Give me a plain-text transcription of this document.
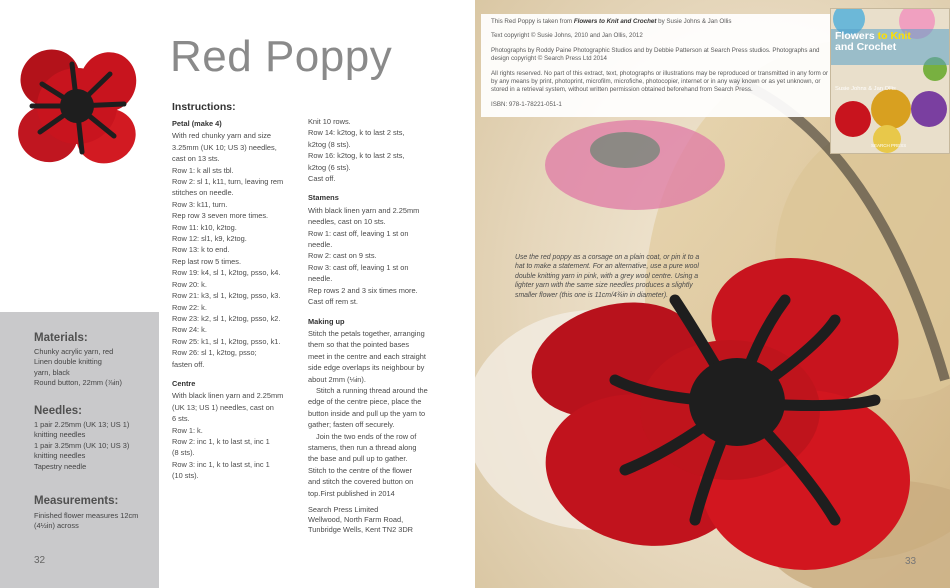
Red Poppy
Instructions:

Petal (make 4)

With red chunky yarn and size
3.25mm (UK 10; US 3) needles,
cast on 13 sts.
Row 1: k all sts tbl.
Row 2: sl 1, k11, turn, leaving rem
stitches on needle.
Row 3: k11, turn.
Rep row 3 seven more times.
Row 11: k10, k2tog.
Row 12: sl1, k9, k2tog.
Row 13: k to end.
Rep last row 5 times.
Row 19: k4, sl 1, k2tog, psso, k4.
Row 20: k.
Row 21: k3, sl 1, k2tog, psso, k3.
Row 22: k.
Row 23: k2, sl 1, k2tog, psso, k2.
Row 24: k.
Row 25: k1, sl 1, k2tog, psso, k1.
Row 26: sl 1, k2tog, psso;
fasten off.

Centre

With black linen yarn and 2.25mm
(UK 13; US 1) needles, cast on
6 sts.
Row 1: k.
Row 2: inc 1, k to last st, inc 1
(8 sts).
Row 3: inc 1, k to last st, inc 1
(10 sts).
Knit 10 rows.
Row 14: k2tog, k to last 2 sts,
k2tog (8 sts).
Row 16: k2tog, k to last 2 sts,
k2tog (6 sts).
Cast off.

Stamens

With black linen yarn and 2.25mm
needles, cast on 10 sts.
Row 1: cast off, leaving 1 st on
needle.
Row 2: cast on 9 sts.
Row 3: cast off, leaving 1 st on
needle.
Rep rows 2 and 3 six times more.
Cast off rem st.

Making up

Stitch the petals together, arranging
them so that the pointed bases
meet in the centre and each straight
side edge overlaps its neighbour by
about 2mm (⅛in).
Stitch a running thread around the
edge of the centre piece, place the
button inside and pull up the yarn to
gather; fasten off securely.
Join the two ends of the row of
stamens, then run a thread along
the base and pull up to gather.
Stitch to the centre of the flower
and stitch the covered button on
top.First published in 2014
Search Press Limited
Wellwood, North Farm Road,
Tunbridge Wells, Kent TN2 3DR
Materials:
Chunky acrylic yarn, red
Linen double knitting
yarn, black
Round button, 22mm (⅞in)
Needles:
1 pair 2.25mm (UK 13; US 1)
knitting needles
1 pair 3.25mm (UK 10; US 3)
knitting needles
Tapestry needle
Measurements:
Finished flower measures 12cm
(4½in) across
32

This Red Poppy is taken from Flowers to Knit and Crochet by Susie Johns & Jan Ollis

Text copyright © Susie Johns, 2010 and Jan Ollis, 2012

Photographs by Roddy Paine Photographic Studios and by Debbie Patterson at Search Press studios. Photographs and design copyright © Search Press Ltd 2014

All rights reserved. No part of this extract, text, photographs or illustrations may be reproduced or transmitted in any form or by any means by print, photoprint, microfilm, microfiche, photocopier, internet or in any way known or as yet unknown, or stored in a retrieval system, without written permission obtained beforehand from Search Press.

ISBN: 978-1-78221-051-1

Flowers to Knit
and Crochet
Susie Johns & Jan Ollis
SEARCH PRESS
Use the red poppy as a corsage on a plain coat, or pin it to a hat to make a statement. For an alternative, use a pure wool double knitting yarn in pink, with a grey wool centre. Using a lighter yarn with the same size needles produces a slightly smaller flower (this one is 11cm/4¾in in diameter).
33
